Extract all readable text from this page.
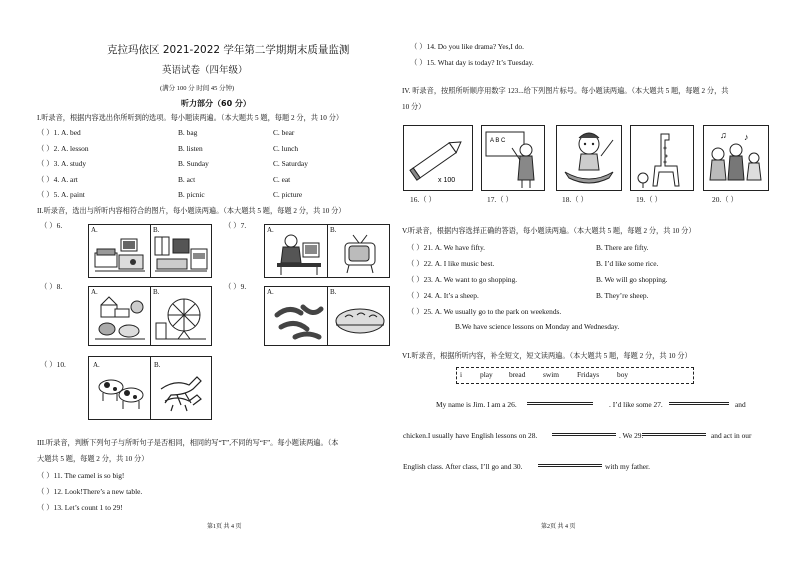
克拉玛依区 2021-2022 学年第二学期期末质量监测
英语试卷（四年级）
(满分 100 分 时间 45 分钟)
听力部分（60 分）
I.听录音，根据内容选出你所听到的选项。每小题读两遍。（本大题共 5 题，每题 2 分，共 10 分）
（ ）1. A. bed	B. bag	C. bear
（ ）2. A. lesson	B. listen	C. lunch
（ ）3. A. study	B. Sunday	C. Saturday
（ ）4. A. art	B. act	C. eat
（ ）5. A. paint	B. picnic	C. picture
II.听录音，选出与所听内容相符合的图片，每小题读两遍。（本大题共 5 题，每题 2 分，共 10 分）
（ ）6.	A.	B.	（ ）7.	A.	B.
（ ）8.
A.	B.
（ ）9.
A.	B.
（ ）10.	A.	B.
III.听录音，判断下列句子与所听句子是否相同，相同的写“T”,不同的写“F”。每小题读两遍。（本
大题共 5 题，每题 2 分，共 10 分）
（ ）11. The camel is so big!
（ ）12. Look!There’s a new table.
（ ）13. Let’s count 1 to 29!
第1页 共 4 页
（ ）14. Do you like drama? Yes,I do.
（ ）15. What day is today? It’s Tuesday.
IV. 听录音，按照所听顺序用数字 123...给下列图片标号。每小题读两遍。（本大题共 5 题，每题 2 分，共
10 分）
x 100
A B C	♪
♫
16.（ ）	17.（ ）	18.（ ）	19.（ ）	20.（ ）
V.听录音，根据内容选择正确的答语，每小题读两遍。（本大题共 5 题，每题 2 分，共 10 分）
（ ）21. A. We have fifty.	B. There are fifty.
（ ）22. A. I like music best.	B. I’d like some rice.
（ ）23. A. We want to go shopping.	B. We will go shopping.
（ ）24. A. It’s a sheep.	B. They’re sheep.
（ ）25. A. We usually go to the park on weekends.
B.We have science lessons on Monday and Wednesday.
VI.听录音，根据所听内容，补全短文，短文读两遍。（本大题共 5 题，每题 2 分，共 10 分）
i play bread swim Fridays boy
My name is Jim. I am a 26.	. I’d like some 27.	and
chicken.I usually have English lessons on 28.	. We 29.	and act in our
English class. After class, I’ll go and 30.	with my father.
第2页 共 4 页
